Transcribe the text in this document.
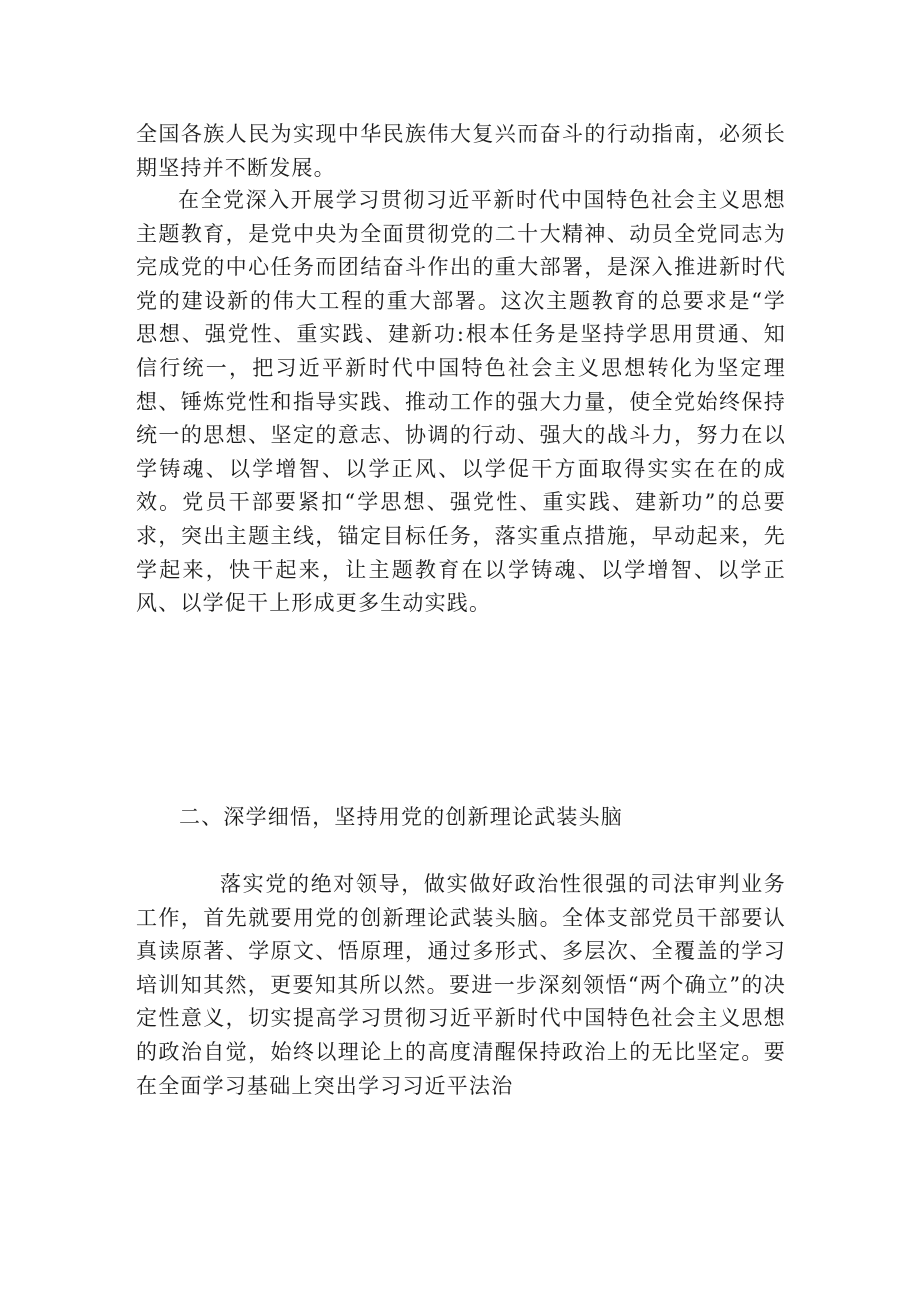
全国各族人民为实现中华民族伟大复兴而奋斗的行动指南，必须长期坚持并不断发展。

在全党深入开展学习贯彻习近平新时代中国特色社会主义思想主题教育，是党中央为全面贯彻党的二十大精神、动员全党同志为完成党的中心任务而团结奋斗作出的重大部署，是深入推进新时代党的建设新的伟大工程的重大部署。这次主题教育的总要求是“学思想、强党性、重实践、建新功:根本任务是坚持学思用贯通、知信行统一，把习近平新时代中国特色社会主义思想转化为坚定理想、锤炼党性和指导实践、推动工作的强大力量，使全党始终保持统一的思想、坚定的意志、协调的行动、强大的战斗力，努力在以学铸魂、以学增智、以学正风、以学促干方面取得实实在在的成效。党员干部要紧扣“学思想、强党性、重实践、建新功”的总要求，突出主题主线，锚定目标任务，落实重点措施，早动起来，先学起来，快干起来，让主题教育在以学铸魂、以学增智、以学正风、以学促干上形成更多生动实践。

二、深学细悟，坚持用党的创新理论武装头脑

落实党的绝对领导，做实做好政治性很强的司法审判业务工作，首先就要用党的创新理论武装头脑。全体支部党员干部要认真读原著、学原文、悟原理，通过多形式、多层次、全覆盖的学习培训知其然，更要知其所以然。要进一步深刻领悟“两个确立”的决定性意义，切实提高学习贯彻习近平新时代中国特色社会主义思想的政治自觉，始终以理论上的高度清醒保持政治上的无比坚定。要在全面学习基础上突出学习习近平法治
